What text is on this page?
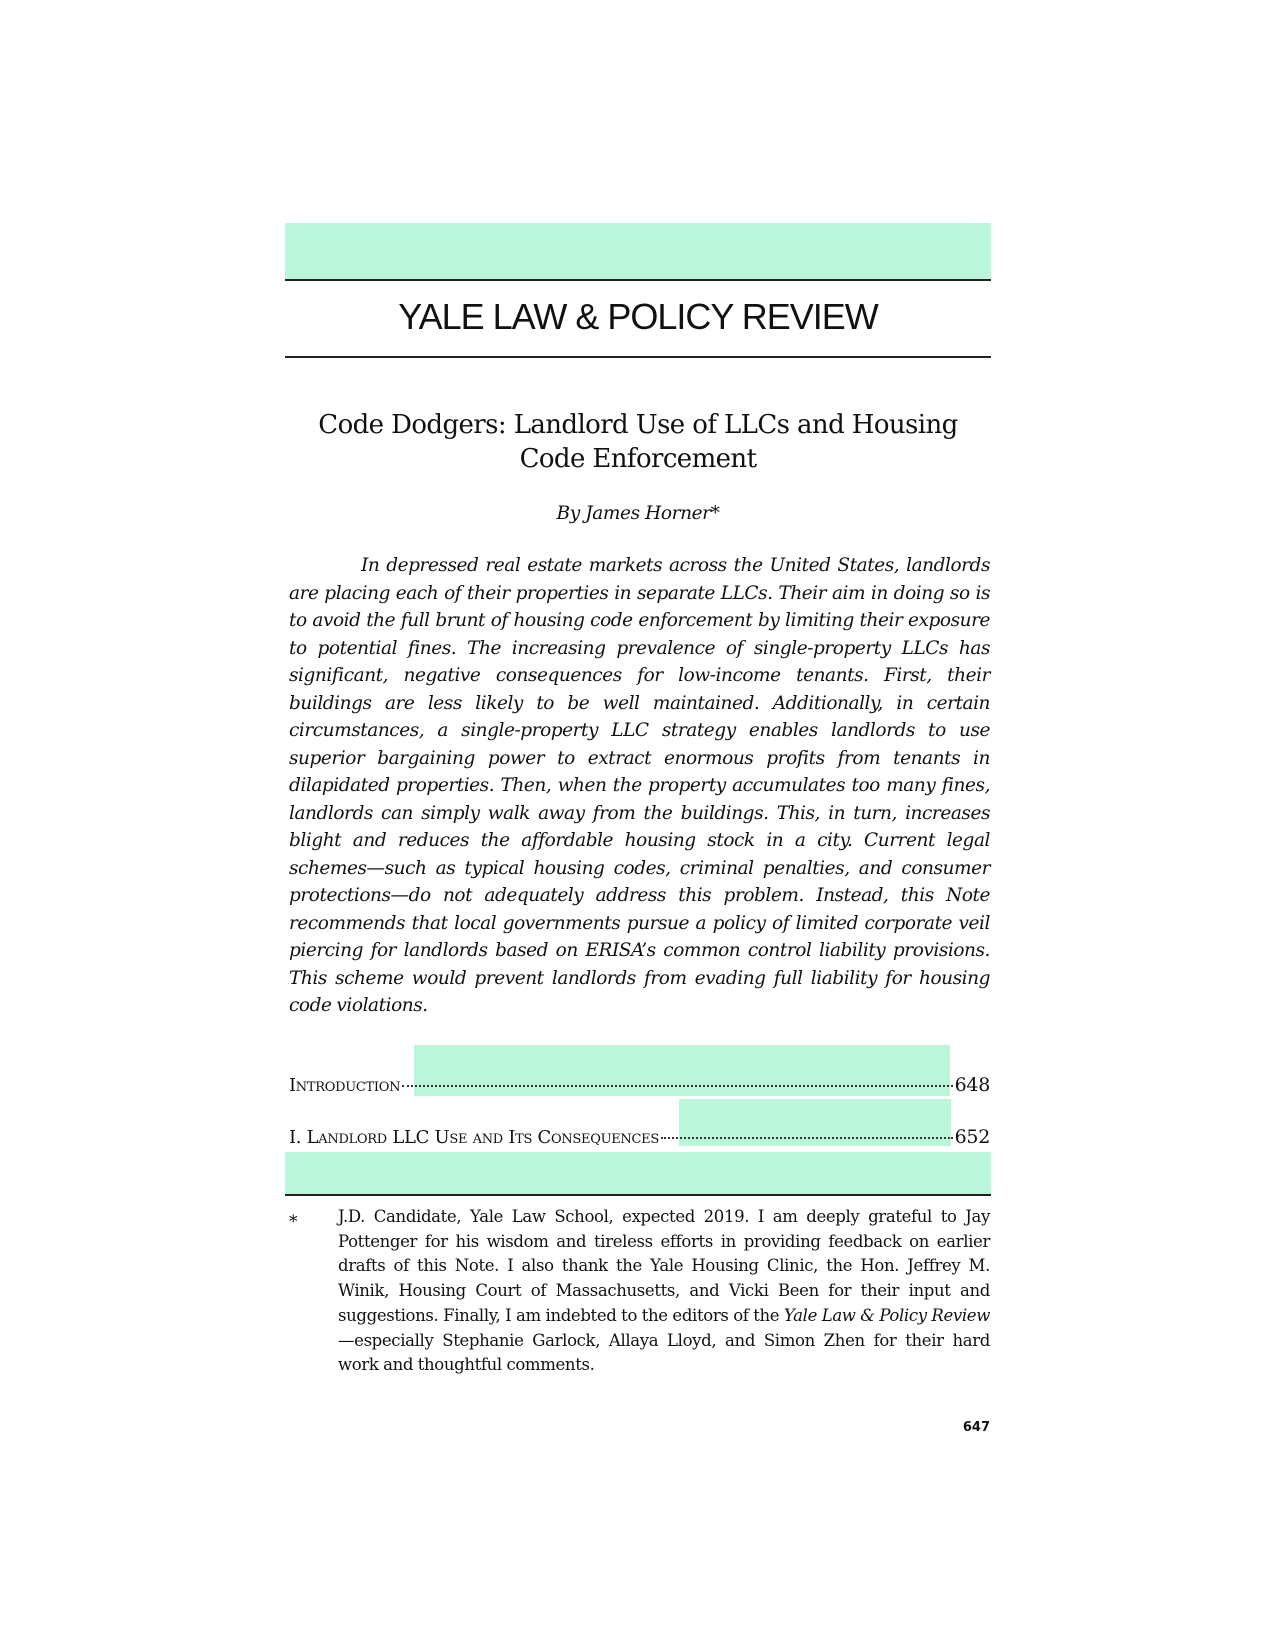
YALE LAW & POLICY REVIEW
Code Dodgers: Landlord Use of LLCs and Housing Code Enforcement
By James Horner*

In depressed real estate markets across the United States, landlords are placing each of their properties in separate LLCs. Their aim in doing so is to avoid the full brunt of housing code enforcement by limiting their exposure to potential fines. The increasing prevalence of single-property LLCs has significant, negative consequences for low-income tenants. First, their buildings are less likely to be well maintained. Additionally, in certain circumstances, a single-property LLC strategy enables landlords to use superior bargaining power to extract enormous profits from tenants in dilapidated properties. Then, when the property accumulates too many fines, landlords can simply walk away from the buildings. This, in turn, increases blight and reduces the affordable housing stock in a city. Current legal schemes—such as typical housing codes, criminal penalties, and consumer protections—do not adequately address this problem. Instead, this Note recommends that local governments pursue a policy of limited corporate veil piercing for landlords based on ERISA’s common control liability provisions. This scheme would prevent landlords from evading full liability for housing code violations.

Introduction	648
I. Landlord LLC Use and Its Consequences	652
* J.D. Candidate, Yale Law School, expected 2019. I am deeply grateful to Jay Pottenger for his wisdom and tireless efforts in providing feedback on earlier drafts of this Note. I also thank the Yale Housing Clinic, the Hon. Jeffrey M. Winik, Housing Court of Massachusetts, and Vicki Been for their input and suggestions. Finally, I am indebted to the editors of the Yale Law & Policy Review—especially Stephanie Garlock, Allaya Lloyd, and Simon Zhen for their hard work and thoughtful comments.

647
